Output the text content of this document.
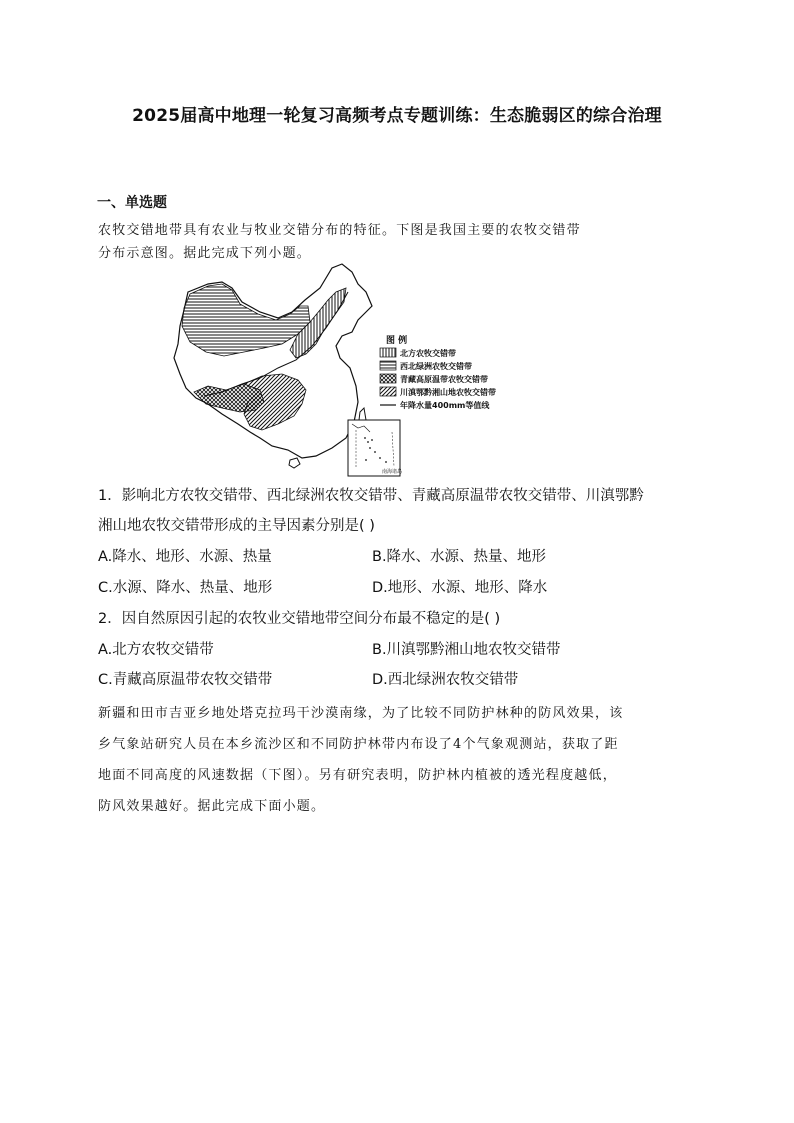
2025届高中地理一轮复习高频考点专题训练：生态脆弱区的综合治理
一、单选题
农牧交错地带具有农业与牧业交错分布的特征。下图是我国主要的农牧交错带
分布示意图。据此完成下列小题。
图 例
北方农牧交错带
西北绿洲农牧交错带
青藏高原温带农牧交错带
川滇鄂黔湘山地农牧交错带
年降水量400mm等值线
南海诸岛
1．影响北方农牧交错带、西北绿洲农牧交错带、青藏高原温带农牧交错带、川滇鄂黔
湘山地农牧交错带形成的主导因素分别是( )
A.降水、地形、水源、热量	B.降水、水源、热量、地形
C.水源、降水、热量、地形	D.地形、水源、地形、降水
2．因自然原因引起的农牧业交错地带空间分布最不稳定的是( )
A.北方农牧交错带	B.川滇鄂黔湘山地农牧交错带
C.青藏高原温带农牧交错带	D.西北绿洲农牧交错带
新疆和田市吉亚乡地处塔克拉玛干沙漠南缘，为了比较不同防护林种的防风效果，该
乡气象站研究人员在本乡流沙区和不同防护林带内布设了4个气象观测站，获取了距
地面不同高度的风速数据（下图）。另有研究表明，防护林内植被的透光程度越低，
防风效果越好。据此完成下面小题。
